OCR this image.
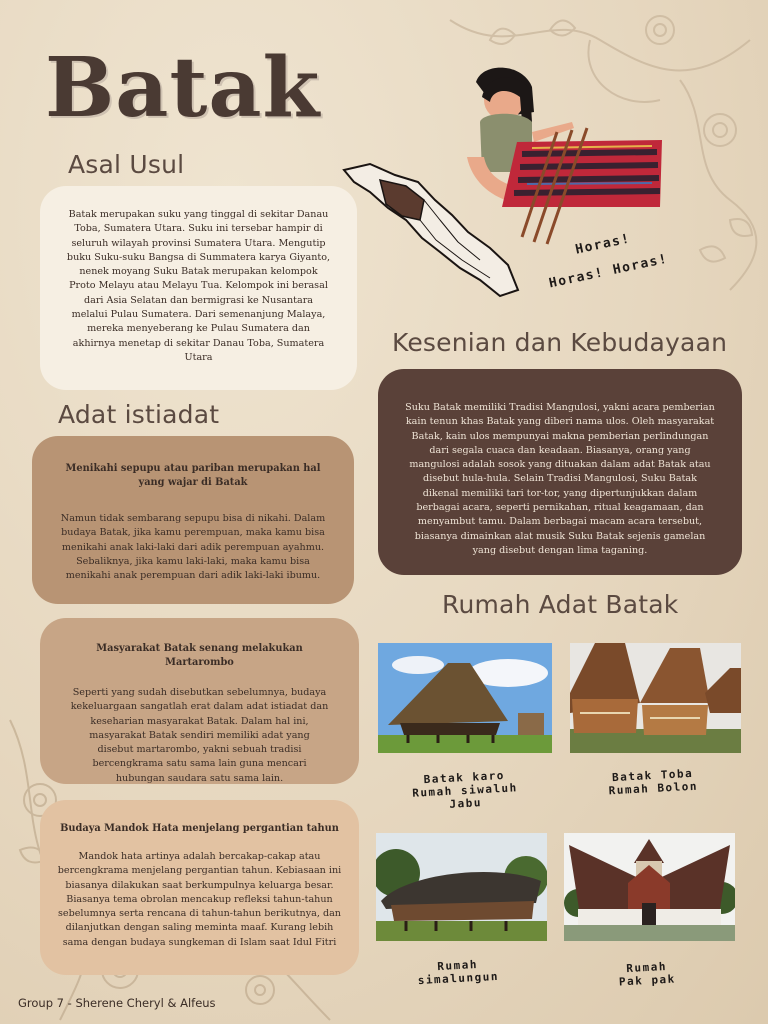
Batak
Horas!
Horas! Horas!
Asal Usul

Batak merupakan suku yang tinggal di sekitar Danau Toba, Sumatera Utara. Suku ini tersebar hampir di seluruh wilayah provinsi Sumatera Utara. Mengutip buku Suku-suku Bangsa di Summatera karya Giyanto, nenek moyang Suku Batak merupakan kelompok Proto Melayu atau Melayu Tua. Kelompok ini berasal dari Asia Selatan dan bermigrasi ke Nusantara melalui Pulau Sumatera. Dari semenanjung Malaya, mereka menyeberang ke Pulau Sumatera dan akhirnya menetap di sekitar Danau Toba, Sumatera Utara

Kesenian dan Kebudayaan

Suku Batak memiliki Tradisi Mangulosi, yakni acara pemberian kain tenun khas Batak yang diberi nama ulos. Oleh masyarakat Batak, kain ulos mempunyai makna pemberian perlindungan dari segala cuaca dan keadaan. Biasanya, orang yang mangulosi adalah sosok yang dituakan dalam adat Batak atau disebut hula-hula. Selain Tradisi Mangulosi, Suku Batak dikenal memiliki tari tor-tor, yang dipertunjukkan dalam berbagai acara, seperti pernikahan, ritual keagamaan, dan menyambut tamu. Dalam berbagai macam acara tersebut, biasanya dimainkan alat musik Suku Batak sejenis gamelan yang disebut dengan lima taganing.

Adat istiadat

Menikahi sepupu atau pariban merupakan hal yang wajar di Batak

Namun tidak sembarang sepupu bisa di nikahi. Dalam budaya Batak, jika kamu perempuan, maka kamu bisa menikahi anak laki-laki dari adik perempuan ayahmu. Sebaliknya, jika kamu laki-laki, maka kamu bisa menikahi anak perempuan dari adik laki-laki ibumu.

Masyarakat Batak senang melakukan Martarombo

Seperti yang sudah disebutkan sebelumnya, budaya kekeluargaan sangatlah erat dalam adat istiadat dan keseharian masyarakat Batak. Dalam hal ini, masyarakat Batak sendiri memiliki adat yang disebut martarombo, yakni sebuah tradisi bercengkrama satu sama lain guna mencari hubungan saudara satu sama lain.

Budaya Mandok Hata menjelang pergantian tahun

Mandok hata artinya adalah bercakap-cakap atau bercengkrama menjelang pergantian tahun. Kebiasaan ini biasanya dilakukan saat berkumpulnya keluarga besar. Biasanya tema obrolan mencakup refleksi tahun-tahun sebelumnya serta rencana di tahun-tahun berikutnya, dan dilanjutkan dengan saling meminta maaf. Kurang lebih sama dengan budaya sungkeman di Islam saat Idul Fitri

Rumah Adat Batak
Batak karo
Rumah siwaluh
Jabu
Batak Toba
Rumah Bolon
Rumah
simalungun
Rumah
Pak pak
Group 7 - Sherene Cheryl & Alfeus
